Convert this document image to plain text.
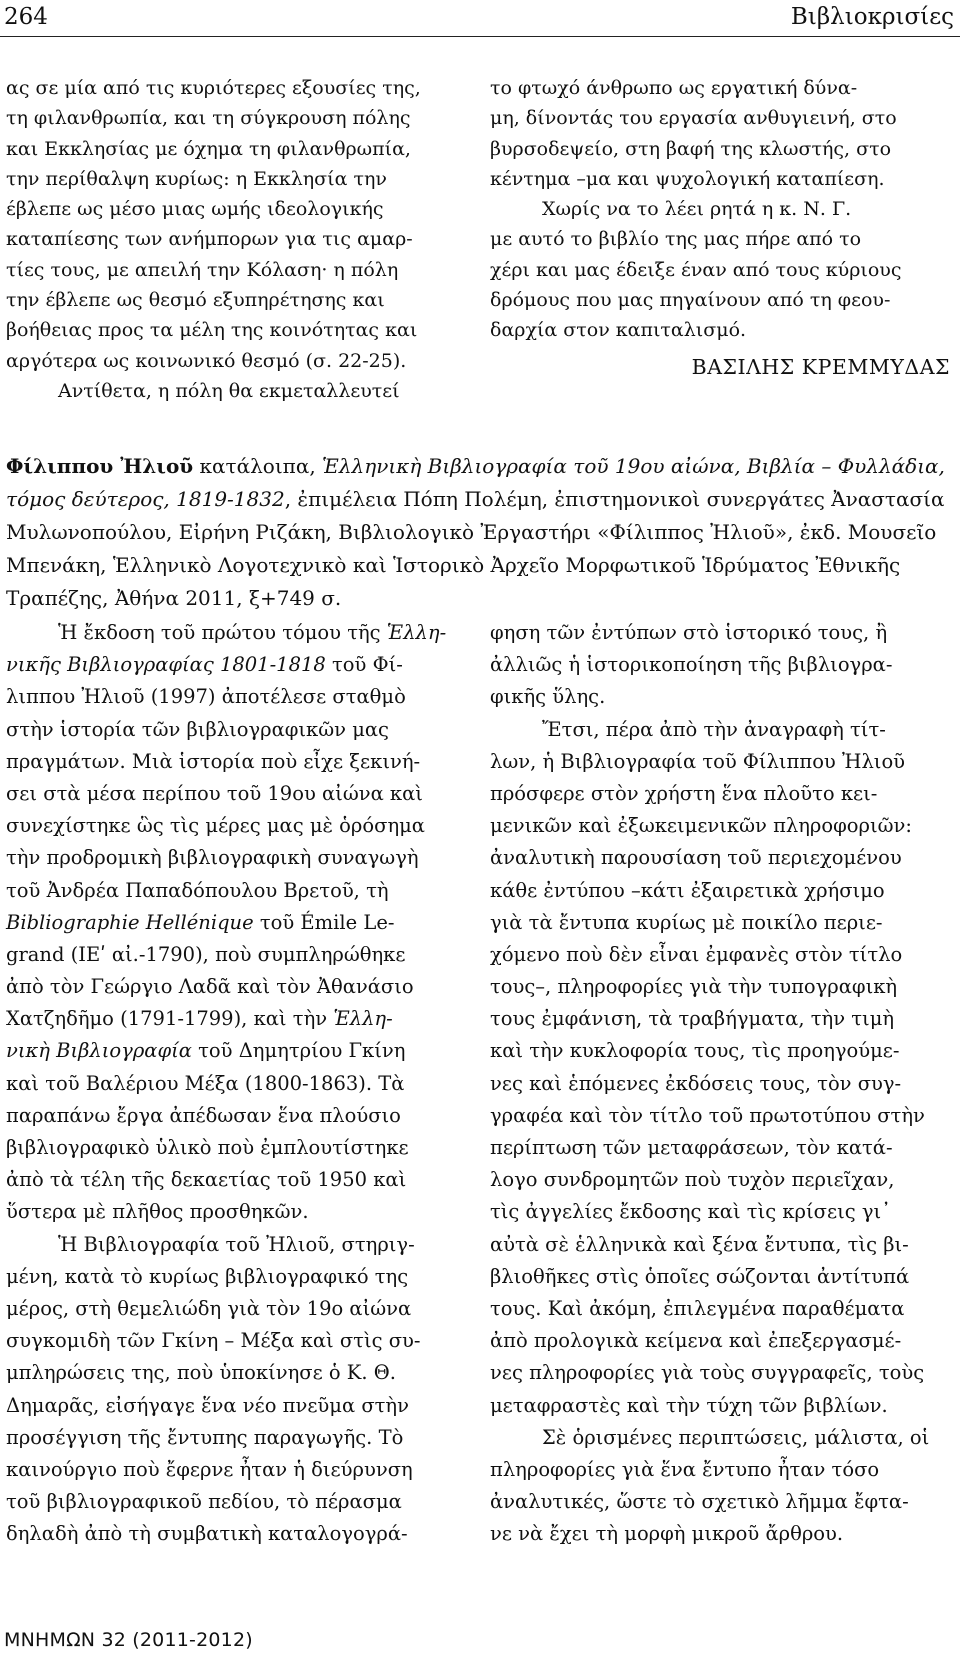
264	Βιβλιοκρισίες
ας σε μία από τις κυριότερες εξουσίες της,
τη φιλανθρωπία, και τη σύγκρουση πόλης
και Εκκλησίας με όχημα τη φιλανθρωπία,
την περίθαλψη κυρίως: η Εκκλησία την
έβλεπε ως μέσο μιας ωμής ιδεολογικής
καταπίεσης των ανήμπορων για τις αμαρ-
τίες τους, με απειλή την Κόλαση· η πόλη
την έβλεπε ως θεσμό εξυπηρέτησης και
βοήθειας προς τα μέλη της κοινότητας και
αργότερα ως κοινωνικό θεσμό (σ. 22-25).
Αντίθετα, η πόλη θα εκμεταλλευτεί
το φτωχό άνθρωπο ως εργατική δύνα-
μη, δίνοντάς του εργασία ανθυγιεινή, στο
βυρσοδεψείο, στη βαφή της κλωστής, στο
κέντημα –μα και ψυχολογική καταπίεση.
Χωρίς να το λέει ρητά η κ. Ν. Γ.
με αυτό το βιβλίο της μας πήρε από το
χέρι και μας έδειξε έναν από τους κύριους
δρόμους που μας πηγαίνουν από τη φεου-
δαρχία στον καπιταλισμό.
ΒΑΣΙΛΗΣ ΚΡΕΜΜΥΔΑΣ
Φίλιππου Ἠλιοῦ κατάλοιπα, Ἑλληνικὴ Βιβλιογραφία τοῦ 19ου αἰώνα, Βιβλία – Φυλλάδια,
τόμος δεύτερος, 1819-1832, ἐπιμέλεια Πόπη Πολέμη, ἐπιστημονικοὶ συνεργάτες Ἀναστασία
Μυλωνοπούλου, Εἰρήνη Ριζάκη, Βιβλιολογικὸ Ἐργαστήρι «Φίλιππος Ἠλιοῦ», ἐκδ. Μουσεῖο
Μπενάκη, Ἑλληνικὸ Λογοτεχνικὸ καὶ Ἱστορικὸ Ἀρχεῖο Μορφωτικοῦ Ἱδρύματος Ἐθνικῆς
Τραπέζης, Ἀθήνα 2011, ξ+749 σ.
Ἡ ἔκδοση τοῦ πρώτου τόμου τῆς Ἑλλη-
νικῆς Βιβλιογραφίας 1801-1818 τοῦ Φί-
λιππου Ἠλιοῦ (1997) ἀποτέλεσε σταθμὸ
στὴν ἱστορία τῶν βιβλιογραφικῶν μας
πραγμάτων. Μιὰ ἱστορία ποὺ εἶχε ξεκινή-
σει στὰ μέσα περίπου τοῦ 19ου αἰώνα καὶ
συνεχίστηκε ὣς τὶς μέρες μας μὲ ὁρόσημα
τὴν προδρομικὴ βιβλιογραφικὴ συναγωγὴ
τοῦ Ἀνδρέα Παπαδόπουλου Βρετοῦ, τὴ
Bibliographie Hellénique τοῦ Émile Le-
grand (ΙΕʹ αἰ.-1790), ποὺ συμπληρώθηκε
ἀπὸ τὸν Γεώργιο Λαδᾶ καὶ τὸν Ἀθανάσιο
Χατζηδῆμο (1791-1799), καὶ τὴν Ἑλλη-
νικὴ Βιβλιογραφία τοῦ Δημητρίου Γκίνη
καὶ τοῦ Βαλέριου Μέξα (1800-1863). Τὰ
παραπάνω ἔργα ἀπέδωσαν ἕνα πλούσιο
βιβλιογραφικὸ ὑλικὸ ποὺ ἐμπλουτίστηκε
ἀπὸ τὰ τέλη τῆς δεκαετίας τοῦ 1950 καὶ
ὕστερα μὲ πλῆθος προσθηκῶν.
Ἡ Βιβλιογραφία τοῦ Ἠλιοῦ, στηριγ-
μένη, κατὰ τὸ κυρίως βιβλιογραφικό της
μέρος, στὴ θεμελιώδη γιὰ τὸν 19ο αἰώνα
συγκομιδὴ τῶν Γκίνη – Μέξα καὶ στὶς συ-
μπληρώσεις της, ποὺ ὑποκίνησε ὁ Κ. Θ.
Δημαρᾶς, εἰσήγαγε ἕνα νέο πνεῦμα στὴν
προσέγγιση τῆς ἔντυπης παραγωγῆς. Τὸ
καινούργιο ποὺ ἔφερνε ἦταν ἡ διεύρυνση
τοῦ βιβλιογραφικοῦ πεδίου, τὸ πέρασμα
δηλαδὴ ἀπὸ τὴ συμβατικὴ καταλογογρά-
φηση τῶν ἐντύπων στὸ ἱστορικό τους, ἢ
ἀλλιῶς ἡ ἱστορικοποίηση τῆς βιβλιογρα-
φικῆς ὕλης.
Ἔτσι, πέρα ἀπὸ τὴν ἀναγραφὴ τίτ-
λων, ἡ Βιβλιογραφία τοῦ Φίλιππου Ἠλιοῦ
πρόσφερε στὸν χρήστη ἕνα πλοῦτο κει-
μενικῶν καὶ ἐξωκειμενικῶν πληροφοριῶν:
ἀναλυτικὴ παρουσίαση τοῦ περιεχομένου
κάθε ἐντύπου –κάτι ἐξαιρετικὰ χρήσιμο
γιὰ τὰ ἔντυπα κυρίως μὲ ποικίλο περιε-
χόμενο ποὺ δὲν εἶναι ἐμφανὲς στὸν τίτλο
τους–, πληροφορίες γιὰ τὴν τυπογραφικὴ
τους ἐμφάνιση, τὰ τραβήγματα, τὴν τιμὴ
καὶ τὴν κυκλοφορία τους, τὶς προηγούμε-
νες καὶ ἑπόμενες ἐκδόσεις τους, τὸν συγ-
γραφέα καὶ τὸν τίτλο τοῦ πρωτοτύπου στὴν
περίπτωση τῶν μεταφράσεων, τὸν κατά-
λογο συνδρομητῶν ποὺ τυχὸν περιεῖχαν,
τὶς ἀγγελίες ἔκδοσης καὶ τὶς κρίσεις γι᾽
αὐτὰ σὲ ἑλληνικὰ καὶ ξένα ἔντυπα, τὶς βι-
βλιοθῆκες στὶς ὁποῖες σώζονται ἀντίτυπά
τους. Καὶ ἀκόμη, ἐπιλεγμένα παραθέματα
ἀπὸ προλογικὰ κείμενα καὶ ἐπεξεργασμέ-
νες πληροφορίες γιὰ τοὺς συγγραφεῖς, τοὺς
μεταφραστὲς καὶ τὴν τύχη τῶν βιβλίων.
Σὲ ὁρισμένες περιπτώσεις, μάλιστα, οἱ
πληροφορίες γιὰ ἕνα ἔντυπο ἦταν τόσο
ἀναλυτικές, ὥστε τὸ σχετικὸ λῆμμα ἔφτα-
νε νὰ ἔχει τὴ μορφὴ μικροῦ ἄρθρου.
ΜΝΗΜΩΝ 32 (2011-2012)
